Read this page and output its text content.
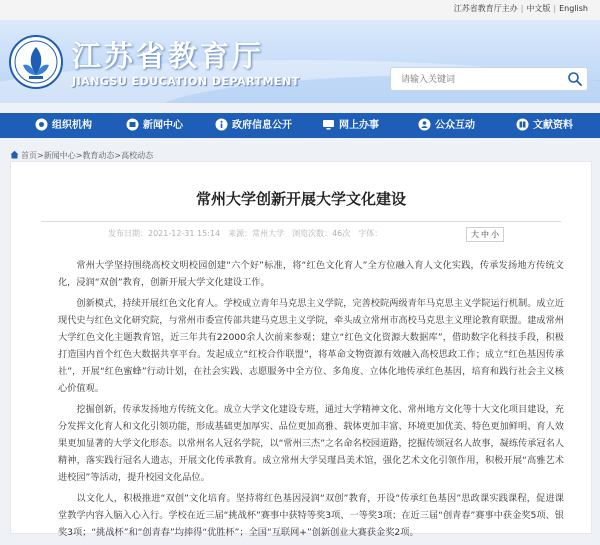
江苏省教育厅主办 | 中文版 | English
江苏省教育厅
JIANGSU EDUCATION DEPARTMENT
请输入关键词
组织机构	新闻中心	政府信息公开	网上办事	公众互动	文献资料
首页>新闻中心>教育动态>高校动态
常州大学创新开展大学文化建设
发布日期：2021-12-31 15:14 来源：常州大学 浏览次数：46次 字体：	大 中 小

常州大学坚持围绕高校文明校园创建“六个好”标准，将“红色文化育人”全方位融入育人文化实践，传承发扬地方传统文化，浸润“双创”教育，创新开展大学文化建设工作。

创新模式，持续开展红色文化育人。学校成立青年马克思主义学院，完善校院两级青年马克思主义学院运行机制。成立近现代史与红色文化研究院，与常州市委宣传部共建马克思主义学院，牵头成立常州市高校马克思主义理论教育联盟。建成常州大学红色文化主题教育馆，近三年共有22000余人次前来参观；建立“红色文化资源大数据库”，借助数字化科技手段，积极打造国内首个红色大数据共享平台。发起成立“红校合作联盟”，将革命文物资源有效融入高校思政工作；成立“红色基因传承社”，开展“红色蜜蜂”行动计划，在社会实践、志愿服务中全方位、多角度、立体化地传承红色基因，培育和践行社会主义核心价值观。

挖掘创新，传承发扬地方传统文化。成立大学文化建设专班，通过大学精神文化、常州地方文化等十大文化项目建设，充分发挥文化育人和文化引领功能，形成基础更加厚实、品位更加高雅、载体更加丰富、环境更加优美、特色更加鲜明、育人效果更加显著的大学文化形态。以常州名人冠名学院，以“常州三杰”之名命名校园道路，挖掘传颂冠名人故事，凝练传承冠名人精神，落实践行冠名人遗志，开展文化传承教育。成立常州大学吴瑾昌美术馆，强化艺术文化引领作用，积极开展“高雅艺术进校园”等活动，提升校园文化品位。

以文化人，积极推进“双创”文化培育。坚持将红色基因浸润“双创”教育，开设“传承红色基因”思政课实践课程，促进课堂教学内容入脑入心入行。学校在近三届“挑战杯”赛事中获特等奖3项、一等奖3项；在近三届“创青春”赛事中获金奖5项、银奖3项；“挑战杯”和“创青春”均捧得“优胜杯”；全国“互联网+”创新创业大赛获金奖2项。
